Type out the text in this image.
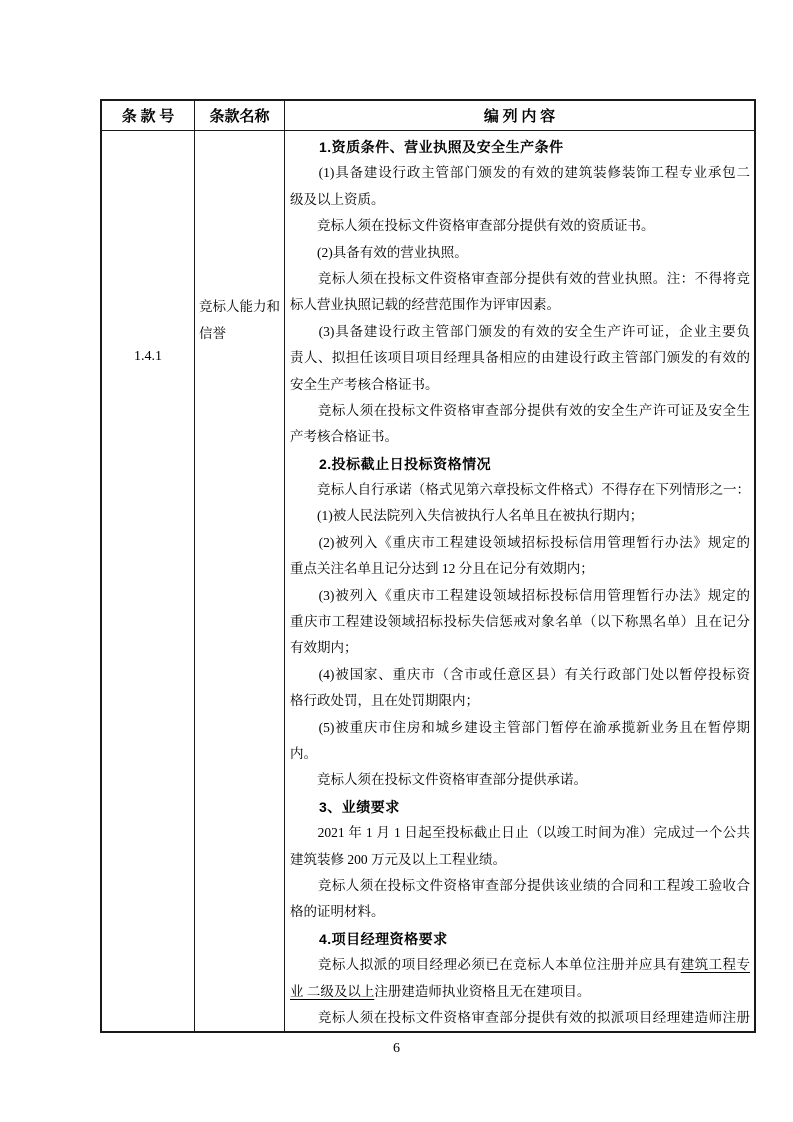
条 款 号	条款名称	编 列 内 容
1.4.1
竞标人能力和信誉
　　1.资质条件、营业执照及安全生产条件
　　(1)具备建设行政主管部门颁发的有效的建筑装修装饰工程专业承包二
级及以上资质。
　　竞标人须在投标文件资格审查部分提供有效的资质证书。
　　(2)具备有效的营业执照。
　　竞标人须在投标文件资格审查部分提供有效的营业执照。注：不得将竞
标人营业执照记载的经营范围作为评审因素。
　　(3)具备建设行政主管部门颁发的有效的安全生产许可证，企业主要负
责人、拟担任该项目项目经理具备相应的由建设行政主管部门颁发的有效的
安全生产考核合格证书。
　　竞标人须在投标文件资格审查部分提供有效的安全生产许可证及安全生
产考核合格证书。
　　2.投标截止日投标资格情况
　　竞标人自行承诺（格式见第六章投标文件格式）不得存在下列情形之一：
　　(1)被人民法院列入失信被执行人名单且在被执行期内；
　　(2)被列入《重庆市工程建设领域招标投标信用管理暂行办法》规定的
重点关注名单且记分达到 12 分且在记分有效期内；
　　(3)被列入《重庆市工程建设领域招标投标信用管理暂行办法》规定的
重庆市工程建设领域招标投标失信惩戒对象名单（以下称黑名单）且在记分
有效期内；
　　(4)被国家、重庆市（含市或任意区县）有关行政部门处以暂停投标资
格行政处罚，且在处罚期限内；
　　(5)被重庆市住房和城乡建设主管部门暂停在渝承揽新业务且在暂停期
内。
　　竞标人须在投标文件资格审查部分提供承诺。
　　3、业绩要求
　　2021 年 1 月 1 日起至投标截止日止（以竣工时间为准）完成过一个公共
建筑装修 200 万元及以上工程业绩。
　　竞标人须在投标文件资格审查部分提供该业绩的合同和工程竣工验收合
格的证明材料。
　　4.项目经理资格要求
　　竞标人拟派的项目经理必须已在竞标人本单位注册并应具有建筑工程专
业 二级及以上注册建造师执业资格且无在建项目。
　　竞标人须在投标文件资格审查部分提供有效的拟派项目经理建造师注册
6
